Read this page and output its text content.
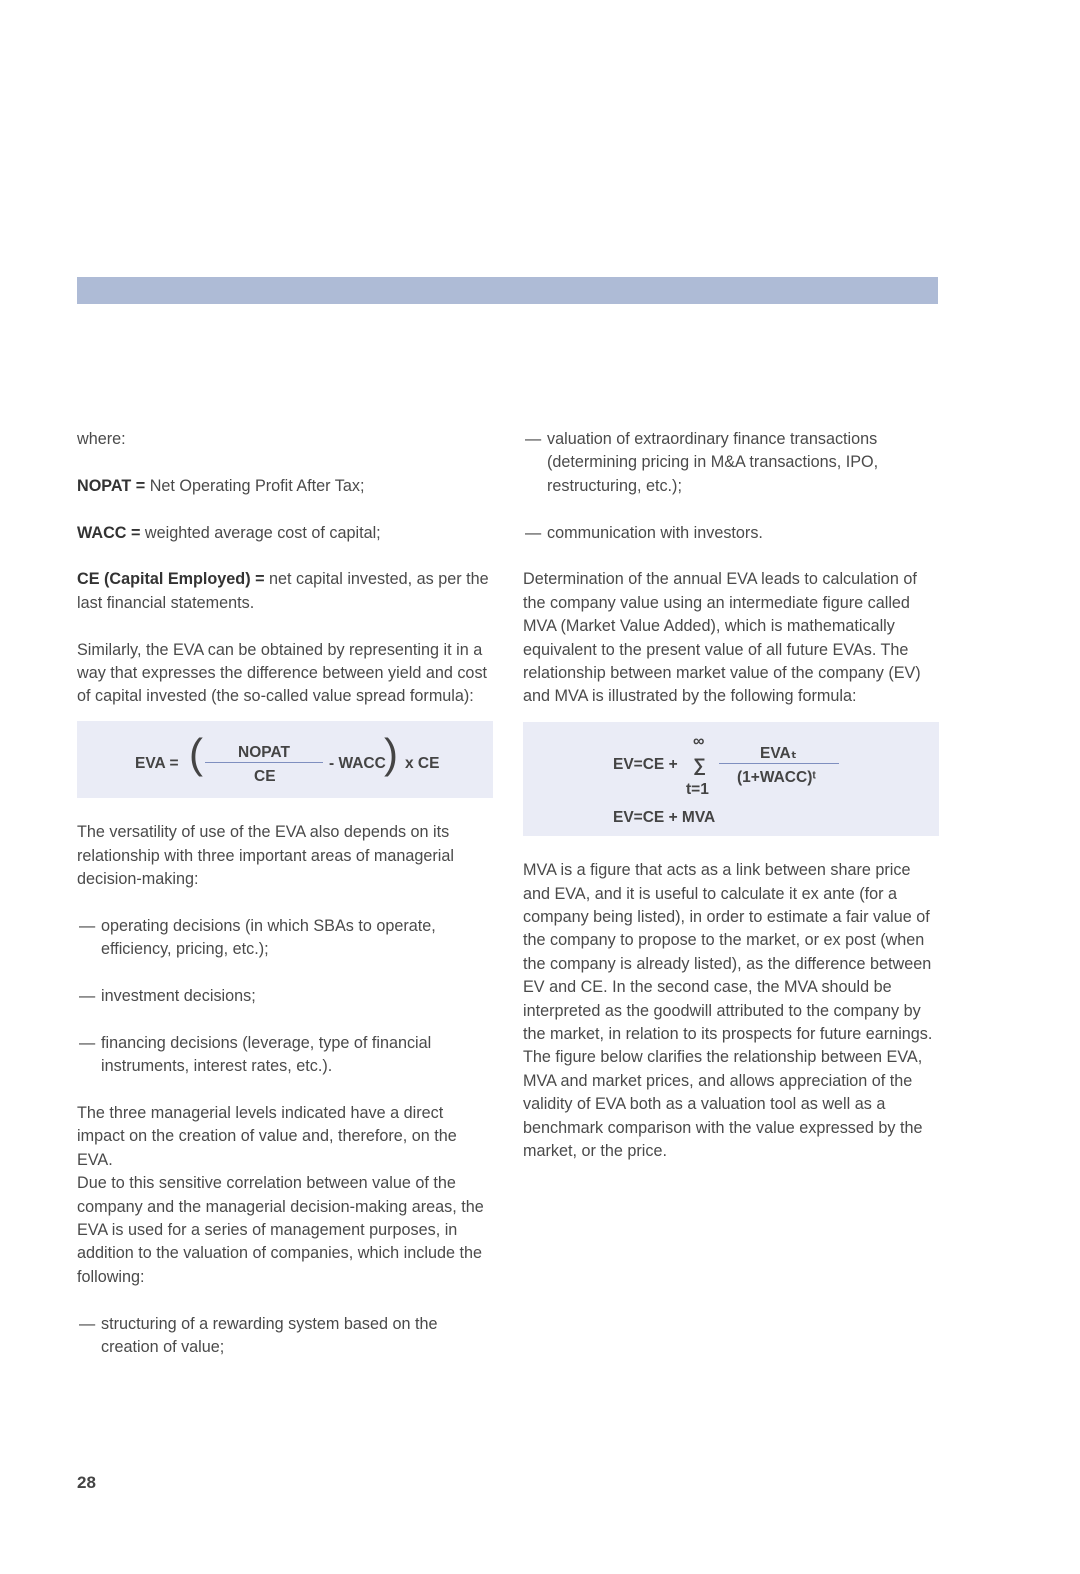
where:

NOPAT = Net Operating Profit After Tax;

WACC = weighted average cost of capital;

CE (Capital Employed) = net capital invested, as per the last financial statements.

Similarly, the EVA can be obtained by representing it in a way that expresses the difference between yield and cost of capital invested (the so-called value spread formula):

EVA = ( NOPAT
CE
- WACC
) x CE

The versatility of use of the EVA also depends on its relationship with three important areas of managerial decision-making:

— operating decisions (in which SBAs to operate, efficiency, pricing, etc.);
— investment decisions;
— financing decisions (leverage, type of financial instruments, interest rates, etc.).

The three managerial levels indicated have a direct impact on the creation of value and, therefore, on the EVA.

Due to this sensitive correlation between value of the company and the managerial decision-making areas, the EVA is used for a series of management purposes, in addition to the valuation of companies, which include the following:

— structuring of a rewarding system based on the creation of value;
— valuation of extraordinary finance transactions (determining pricing in M&A transactions, IPO, restructuring, etc.);
— communication with investors.

Determination of the annual EVA leads to calculation of the company value using an intermediate figure called MVA (Market Value Added), which is mathematically equivalent to the present value of all future EVAs. The relationship between market value of the company (EV) and MVA is illustrated by the following formula:

EV=CE +
∞
∑
t=1
EVAₜ
(1+WACC)ᵗ
EV=CE + MVA

MVA is a figure that acts as a link between share price and EVA, and it is useful to calculate it ex ante (for a company being listed), in order to estimate a fair value of the company to propose to the market, or ex post (when the company is already listed), as the difference between EV and CE. In the second case, the MVA should be interpreted as the goodwill attributed to the company by the market, in relation to its prospects for future earnings.

The figure below clarifies the relationship between EVA, MVA and market prices, and allows appreciation of the validity of EVA both as a valuation tool as well as a benchmark comparison with the value expressed by the market, or the price.

28
